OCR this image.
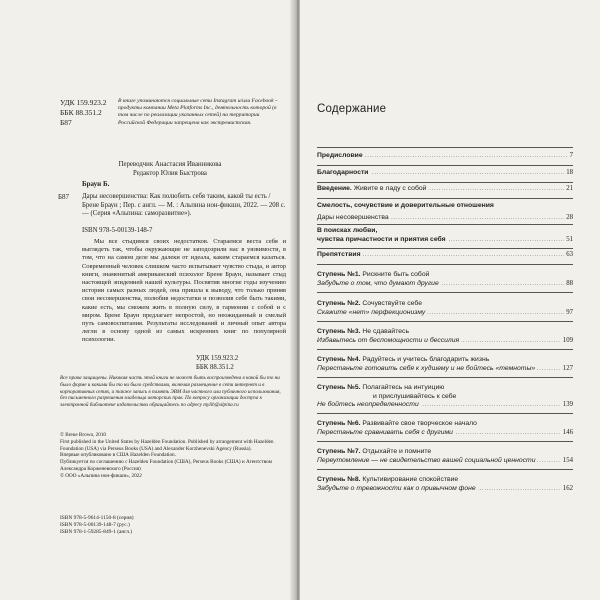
УДК 159.923.2
ББК 88.351.2
Б87
В книге упоминаются социальные сети Instagram и/или Facebook – продукты компании Meta Platforms Inc., деятельность которой (в том числе по реализации указанных сетей) на территории Российской Федерации запрещена как экстремистская.
Переводчик Анастасия Иванникова
Редактор Юлия Быстрова
Браун Б.
Б87 Дары несовершенства: Как полюбить себя таким, какой ты есть / Брене Браун ; Пер. с англ. — М. : Альпина нон-фикшн, 2022. — 208 с. — (Серия «Альпина: саморазвитие»).
ISBN 978-5-00139-148-7
Мы все стыдимся своих недостатков. Стараемся веста себя и выглядеть так, чтобы окружающие не заподозрили нас в уязвимости, в том, что на самом деле мы далеки от идеала, каким стараемся казаться. Современный человек слишком часто испытывает чувство стыда, и автор книги, знаменитый американский психолог Брене Браун, называет стыд настоящей эпидемией нашей культуры. Посвятив многие годы изучению истории самых разных людей, она пришла к выводу, что только приняв свои несовершенства, полюбив недостатки и позволив себе быть такими, какие есть, мы сможем жить в полную силу, в гармонии с собой и с миром. Брене Браун предлагает непростой, но неожиданный и смелый путь самовоспитания. Результаты исследований и личный опыт автора легли в основу одной из самых искренних книг по популярной психологии.
УДК 159.923.2
ББК 88.351.2
Все права защищены. Никакая часть этой книги не может быть воспроизведена в какой бы то ни было форме и какими бы то ни было средствами, включая размещение в сети интернет и в корпоративных сетях, а также запись в память ЭВМ для частного или публичного использования, без письменного разрешения владельца авторских прав. По вопросу организации доступа к электронной библиотеке издательства обращайтесь по адресу mylib@alpina.ru
© Brene Brown, 2010
First published in the United States by Hazelden Foundation. Published by arrangement with Hazelden Foundation (USA) via Perseus Books (USA) and Alexander Korzhenevski Agency (Russia).
Впервые опубликовано в США Hazelden Foundation.
Публикуется по соглашению с Hazelden Foundation (США), Perseus Books (США) и Агентством Александра Корженевского (Россия)
© ООО «Альпина нон-фикшн», 2022
ISBN 978-5-9614-1150-8 (серия)
ISBN 978-5-00139-148-7 (рус.)
ISBN 978-1-59285-849-1 (англ.)
Содержание
Предисловие .....	7
Благодарности .....	18
Введение. Живите в ладу с собой .....	21
Смелость, сочувствие и доверительные отношения
Дары несовершенства .....	28
В поисках любви,
чувства причастности и приятия себя .....	51
Препятствия .....	63
Ступень №1. Рискните быть собой
Забудьте о том, что думают другие .....	88
Ступень №2. Сочувствуйте себе
Скажите «нет» перфекционизму .....	97
Ступень №3. Не сдавайтесь
Избавьтесь от беспомощности и бессилия .....	109
Ступень №4. Радуйтесь и учитесь благодарить жизнь
Перестаньте готовить себя к худшему и не бойтесь «темноты» .....	127
Ступень №5. Полагайтесь на интуицию
и прислушивайтесь к себе
Не бойтесь неопределенности .....	139
Ступень №6. Развивайте свое творческое начало
Перестаньте сравнивать себя с другими .....	146
Ступень №7. Отдыхайте и помните
Переутомление — не свидетельство вашей социальной ценности .....	154
Ступень №8. Культивирование спокойствие
Забудьте о тревожности как о привычном фоне .....	162
